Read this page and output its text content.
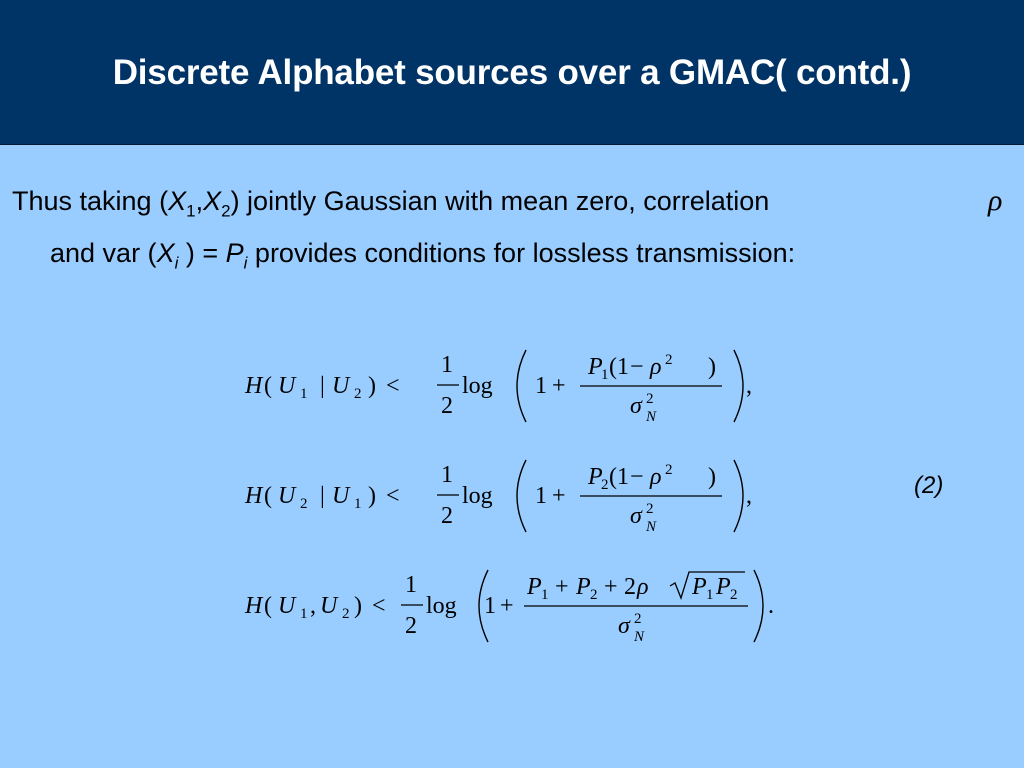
Discrete Alphabet sources over a GMAC( contd.)
Thus taking $(X_1,X_2)$ jointly Gaussian with mean zero, correlation
and var ($X_i$ ) = $P_i$ provides conditions for lossless transmission:
ρ
(2)
H ( U 1 | U 2 ) <
1
2
log 1 +
P
1 ( 1 − ρ 2 )
σ 2
N
,
H ( U 2 | U 1 ) <
1
2
log 1 +
P
2 ( 1 − ρ 2 )
σ 2
N
,
H ( U 1 , U 2 ) <
1
2
log 1 +
P 1 + P 2 + 2 ρ P 1 P 2
σ 2
N
.
